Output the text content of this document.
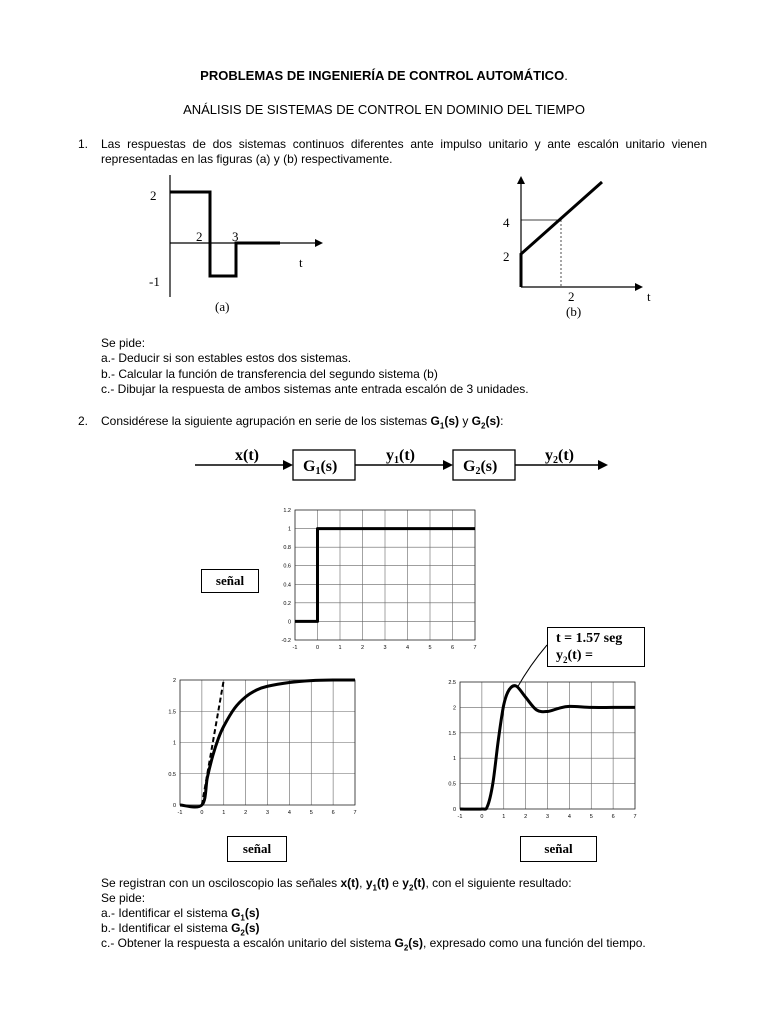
PROBLEMAS DE INGENIERÍA DE CONTROL AUTOMÁTICO.
ANÁLISIS DE SISTEMAS DE CONTROL EN DOMINIO DEL TIEMPO
1. Las respuestas de dos sistemas continuos diferentes ante impulso unitario y ante escalón unitario vienen representadas en las figuras (a) y (b) respectivamente.
2
-1
2 3
t
(a)
4
2
2	t
(b)
Se pide:
a.- Deducir si son estables estos dos sistemas.
b.- Calcular la función de transferencia del segundo sistema (b)
c.- Dibujar la respuesta de ambos sistemas ante entrada escalón de 3 unidades.
2. Considérese la siguiente agrupación en serie de los sistemas $G_1(s)$ y $G_2(s)$:
x(t)	y1(t)	y2(t)
G1(s)	G2(s)
-1	0	1	2	3	4	5	6	7
1.2
1
0.8
0.6
0.4
0.2
0
-0.2
señal
-1	0	1	2	3	4	5	6	7
2
1.5
1
0.5
0
señal
-1	0	1	2	3	4	5	6	7
2.5
2
1.5
1
0.5
0
señal
t = 1.57 seg
$y_2(t)$ =
Se registran con un osciloscopio las señales x(t), $y_1(t)$ e $y_2(t)$, con el siguiente resultado:
Se pide:
a.- Identificar el sistema $G_1(s)$
b.- Identificar el sistema $G_2(s)$
c.- Obtener la respuesta a escalón unitario del sistema $G_2(s)$, expresado como una función del tiempo.
